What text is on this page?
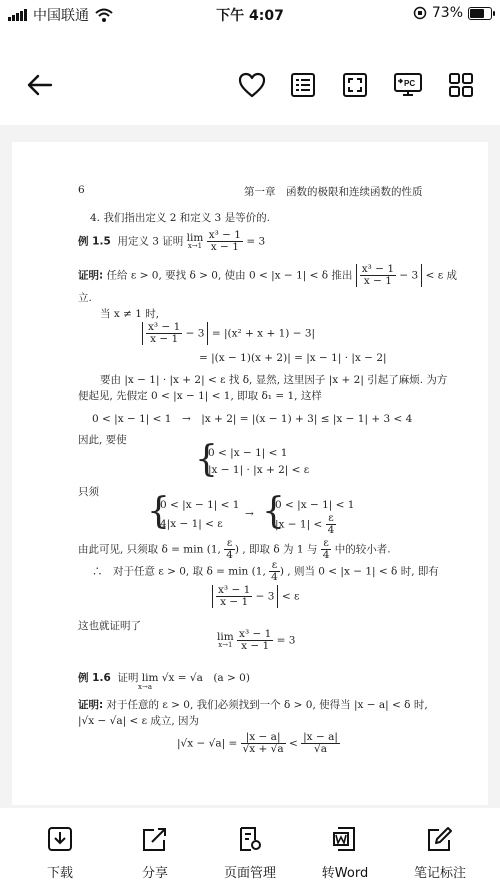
中国联通	下午 4:07	73%
PC
6	第一章　函数的极限和连续函数的性质
4. 我们指出定义 2 和定义 3 是等价的.
例 1.5 用定义 3 证明 lim
x→1
$\frac{\text{x³ − 1}}{x - 1} = 3$
证明: 任给 ε > 0, 要找 δ > 0, 使由 0 < |x − 1| < δ 推出 $\frac{\text{x³ − 1}}{x - 1} - 3 < \varepsilon$ 成
立.
当 x ≠ 1 时,
$\frac{\text{x³ − 1}}{x - 1} - 3 = |(x^2 + x + 1) - 3|$
= |(x − 1)(x + 2)| = |x − 1| · |x − 2|
要由 |x − 1| · |x + 2| < ε 找 δ, 显然, 这里因子 |x + 2| 引起了麻烦. 为方
便起见, 先假定 0 < |x − 1| < 1, 即取 δ₁ = 1, 这样
0 < |x − 1| < 1　→　|x + 2| = |(x − 1) + 3| ≤ |x − 1| + 3 < 4
因此, 要使 {
0 < |x − 1| < 1
|x − 1| · |x + 2| < ε
只须 {
0 < |x − 1| < 1
4|x − 1| < ε
→ {
0 < |x − 1| < 1
$|x - 1| < \frac{\varepsilon}{4}$
由此可见, 只须取 δ = min (1, $\frac{\varepsilon}{4}$ ) , 即取 δ 为 1 与 $\frac{\varepsilon}{4}$ 中的较小者.
∴　对于任意 ε > 0, 取 δ = min (1, $\frac{\varepsilon}{4}$ ) , 则当 0 < |x − 1| < δ 时, 即有
$\frac{\text{x³ − 1}}{x - 1} - 3 < \varepsilon$
这也就证明了
lim
x→1
$\frac{\text{x³ − 1}}{x - 1} = 3$
例 1.6 证明 lim √x = √a　(a > 0)
x→a
证明: 对于任意的 ε > 0, 我们必须找到一个 δ > 0, 使得当 |x − a| < δ 时,
|√x − √a| < ε 成立, 因为
$|√x - √a| = \frac{|x - a|}{√x + √a} < \frac{|x - a|}{√a}$
下载	分享	页面管理	转Word	笔记标注
